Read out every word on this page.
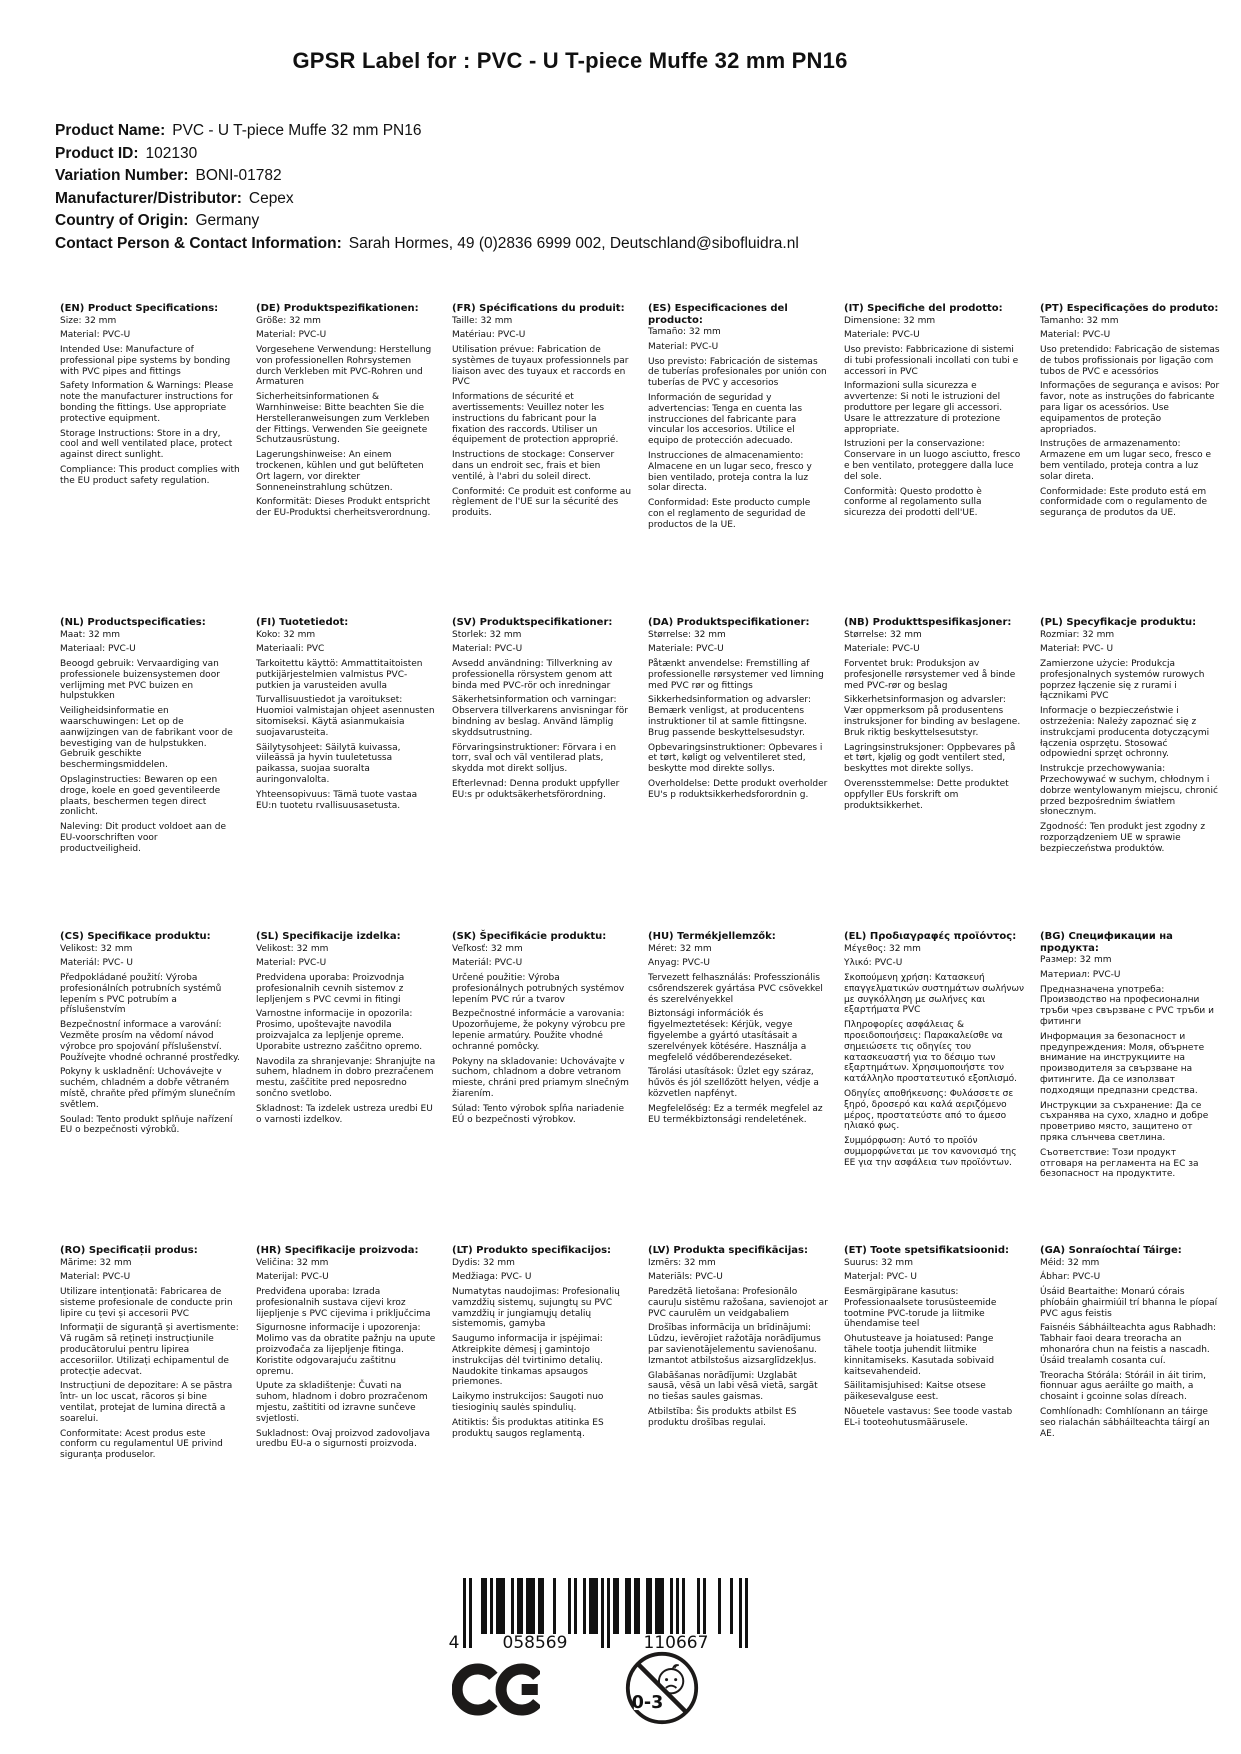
GPSR Label for : PVC - U T-piece Muffe 32 mm PN16
Product Name: PVC - U T-piece Muffe 32 mm PN16
Product ID: 102130
Variation Number: BONI-01782
Manufacturer/Distributor: Cepex
Country of Origin: Germany
Contact Person & Contact Information: Sarah Hormes, 49 (0)2836 6999 002, Deutschland@sibofluidra.nl
(EN) Product Specifications:

Size: 32 mm

Material: PVC-U

Intended Use: Manufacture of professional pipe systems by bonding with PVC pipes and fittings

Safety Information & Warnings: Please note the manufacturer instructions for bonding the fittings. Use appropriate protective equipment.

Storage Instructions: Store in a dry, cool and well ventilated place, protect against direct sunlight.

Compliance: This product complies with the EU product safety regulation.

(DE) Produktspezifikationen:

Größe: 32 mm

Material: PVC-U

Vorgesehene Verwendung: Herstellung von professionellen Rohrsystemen durch Verkleben mit PVC-Rohren und Armaturen

Sicherheitsinformationen & Warnhinweise: Bitte beachten Sie die Herstelleranweisungen zum Verkleben der Fittings. Verwenden Sie geeignete Schutzausrüstung.

Lagerungshinweise: An einem trockenen, kühlen und gut belüfteten Ort lagern, vor direkter Sonneneinstrahlung schützen.

Konformität: Dieses Produkt entspricht der EU-Produktsi cherheitsverordnung.

(FR) Spécifications du produit:

Taille: 32 mm

Matériau: PVC-U

Utilisation prévue: Fabrication de systèmes de tuyaux professionnels par liaison avec des tuyaux et raccords en PVC

Informations de sécurité et avertissements: Veuillez noter les instructions du fabricant pour la fixation des raccords. Utiliser un équipement de protection approprié.

Instructions de stockage: Conserver dans un endroit sec, frais et bien ventilé, à l'abri du soleil direct.

Conformité: Ce produit est conforme au règlement de l'UE sur la sécurité des produits.

(ES) Especificaciones del producto:

Tamaño: 32 mm

Material: PVC-U

Uso previsto: Fabricación de sistemas de tuberías profesionales por unión con tuberías de PVC y accesorios

Información de seguridad y advertencias: Tenga en cuenta las instrucciones del fabricante para vincular los accesorios. Utilice el equipo de protección adecuado.

Instrucciones de almacenamiento: Almacene en un lugar seco, fresco y bien ventilado, proteja contra la luz solar directa.

Conformidad: Este producto cumple con el reglamento de seguridad de productos de la UE.

(IT) Specifiche del prodotto:

Dimensione: 32 mm

Materiale: PVC-U

Uso previsto: Fabbricazione di sistemi di tubi professionali incollati con tubi e accessori in PVC

Informazioni sulla sicurezza e avvertenze: Si noti le istruzioni del produttore per legare gli accessori. Usare le attrezzature di protezione appropriate.

Istruzioni per la conservazione: Conservare in un luogo asciutto, fresco e ben ventilato, proteggere dalla luce del sole.

Conformità: Questo prodotto è conforme al regolamento sulla sicurezza dei prodotti dell'UE.

(PT) Especificações do produto:

Tamanho: 32 mm

Material: PVC-U

Uso pretendido: Fabricação de sistemas de tubos profissionais por ligação com tubos de PVC e acessórios

Informações de segurança e avisos: Por favor, note as instruções do fabricante para ligar os acessórios. Use equipamentos de proteção apropriados.

Instruções de armazenamento: Armazene em um lugar seco, fresco e bem ventilado, proteja contra a luz solar direta.

Conformidade: Este produto está em conformidade com o regulamento de segurança de produtos da UE.

(NL) Productspecificaties:

Maat: 32 mm

Materiaal: PVC-U

Beoogd gebruik: Vervaardiging van professionele buizensystemen door verlijming met PVC buizen en hulpstukken

Veiligheidsinformatie en waarschuwingen: Let op de aanwijzingen van de fabrikant voor de bevestiging van de hulpstukken. Gebruik geschikte beschermingsmiddelen.

Opslaginstructies: Bewaren op een droge, koele en goed geventileerde plaats, beschermen tegen direct zonlicht.

Naleving: Dit product voldoet aan de EU-voorschriften voor productveiligheid.

(FI) Tuotetiedot:

Koko: 32 mm

Materiaali: PVC

Tarkoitettu käyttö: Ammattitaitoisten putkijärjestelmien valmistus PVC-putkien ja varusteiden avulla

Turvallisuustiedot ja varoitukset: Huomioi valmistajan ohjeet asennusten sitomiseksi. Käytä asianmukaisia suojavarusteita.

Säilytysohjeet: Säilytä kuivassa, viileässä ja hyvin tuuletetussa paikassa, suojaa suoralta auringonvalolta.

Yhteensopivuus: Tämä tuote vastaa EU:n tuotetu rvallisuusasetusta.

(SV) Produktspecifikationer:

Storlek: 32 mm

Material: PVC-U

Avsedd användning: Tillverkning av professionella rörsystem genom att binda med PVC-rör och inredningar

Säkerhetsinformation och varningar: Observera tillverkarens anvisningar för bindning av beslag. Använd lämplig skyddsutrustning.

Förvaringsinstruktioner: Förvara i en torr, sval och väl ventilerad plats, skydda mot direkt solljus.

Efterlevnad: Denna produkt uppfyller EU:s pr oduktsäkerhetsförordning.

(DA) Produktspecifikationer:

Størrelse: 32 mm

Materiale: PVC-U

Påtænkt anvendelse: Fremstilling af professionelle rørsystemer ved limning med PVC rør og fittings

Sikkerhedsinformation og advarsler: Bemærk venligst, at producentens instruktioner til at samle fittingsne. Brug passende beskyttelsesudstyr.

Opbevaringsinstruktioner: Opbevares i et tørt, køligt og velventileret sted, beskytte mod direkte sollys.

Overholdelse: Dette produkt overholder EU's p roduktsikkerhedsforordnin g.

(NB) Produkttspesifikasjoner:

Størrelse: 32 mm

Materiale: PVC-U

Forventet bruk: Produksjon av profesjonelle rørsystemer ved å binde med PVC-rør og beslag

Sikkerhetsinformasjon og advarsler: Vær oppmerksom på produsentens instruksjoner for binding av beslagene. Bruk riktig beskyttelsesutstyr.

Lagringsinstruksjoner: Oppbevares på et tørt, kjølig og godt ventilert sted, beskyttes mot direkte sollys.

Overensstemmelse: Dette produktet oppfyller EUs forskrift om produktsikkerhet.

(PL) Specyfikacje produktu:

Rozmiar: 32 mm

Materiał: PVC- U

Zamierzone użycie: Produkcja profesjonalnych systemów rurowych poprzez łączenie się z rurami i łącznikami PVC

Informacje o bezpieczeństwie i ostrzeżenia: Należy zapoznać się z instrukcjami producenta dotyczącymi łączenia osprzętu. Stosować odpowiedni sprzęt ochronny.

Instrukcje przechowywania: Przechowywać w suchym, chłodnym i dobrze wentylowanym miejscu, chronić przed bezpośrednim światłem słonecznym.

Zgodność: Ten produkt jest zgodny z rozporządzeniem UE w sprawie bezpieczeństwa produktów.

(CS) Specifikace produktu:

Velikost: 32 mm

Materiál: PVC- U

Předpokládané použití: Výroba profesionálních potrubních systémů lepením s PVC potrubím a příslušenstvím

Bezpečnostní informace a varování: Vezměte prosím na vědomí návod výrobce pro spojování příslušenství. Používejte vhodné ochranné prostředky.

Pokyny k uskladnění: Uchovávejte v suchém, chladném a dobře větraném místě, chraňte před přímým slunečním světlem.

Soulad: Tento produkt splňuje nařízení EU o bezpečnosti výrobků.

(SL) Specifikacije izdelka:

Velikost: 32 mm

Material: PVC-U

Predvidena uporaba: Proizvodnja profesionalnih cevnih sistemov z lepljenjem s PVC cevmi in fitingi

Varnostne informacije in opozorila: Prosimo, upoštevajte navodila proizvajalca za lepljenje opreme. Uporabite ustrezno zaščitno opremo.

Navodila za shranjevanje: Shranjujte na suhem, hladnem in dobro prezračenem mestu, zaščitite pred neposredno sončno svetlobo.

Skladnost: Ta izdelek ustreza uredbi EU o varnosti izdelkov.

(SK) Špecifikácie produktu:

Veľkosť: 32 mm

Materiál: PVC-U

Určené použitie: Výroba profesionálnych potrubných systémov lepením PVC rúr a tvarov

Bezpečnostné informácie a varovania: Upozorňujeme, že pokyny výrobcu pre lepenie armatúry. Použite vhodné ochranné pomôcky.

Pokyny na skladovanie: Uchovávajte v suchom, chladnom a dobre vetranom mieste, chráni pred priamym slnečným žiarením.

Súlad: Tento výrobok spĺňa nariadenie EÚ o bezpečnosti výrobkov.

(HU) Termékjellemzők:

Méret: 32 mm

Anyag: PVC-U

Tervezett felhasználás: Professzionális csőrendszerek gyártása PVC csövekkel és szerelvényekkel

Biztonsági információk és figyelmeztetések: Kérjük, vegye figyelembe a gyártó utasításait a szerelvények kötésére. Használja a megfelelő védőberendezéseket.

Tárolási utasítások: Üzlet egy száraz, hűvös és jól szellőzött helyen, védje a közvetlen napfényt.

Megfelelőség: Ez a termék megfelel az EU termékbiztonsági rendeletének.

(EL) Προδιαγραφές προϊόντος:

Μέγεθος: 32 mm

Υλικό: PVC-U

Σκοπούμενη χρήση: Κατασκευή επαγγελματικών συστημάτων σωλήνων με συγκόλληση με σωλήνες και εξαρτήματα PVC

Πληροφορίες ασφάλειας & προειδοποιήσεις: Παρακαλείσθε να σημειώσετε τις οδηγίες του κατασκευαστή για το δέσιμο των εξαρτημάτων. Χρησιμοποιήστε τον κατάλληλο προστατευτικό εξοπλισμό.

Οδηγίες αποθήκευσης: Φυλάσσετε σε ξηρό, δροσερό και καλά αεριζόμενο μέρος, προστατεύστε από το άμεσο ηλιακό φως.

Συμμόρφωση: Αυτό το προϊόν συμμορφώνεται με τον κανονισμό της ΕΕ για την ασφάλεια των προϊόντων.

(BG) Спецификации на продукта:

Размер: 32 mm

Материал: PVC-U

Предназначена употреба: Производство на професионални тръби чрез свързване с PVC тръби и фитинги

Информация за безопасност и предупреждения: Моля, обърнете внимание на инструкциите на производителя за свързване на фитингите. Да се използват подходящи предпазни средства.

Инструкции за съхранение: Да се съхранява на сухо, хладно и добре проветриво място, защитено от пряка слънчева светлина.

Съответствие: Този продукт отговаря на регламента на ЕС за безопасност на продуктите.

(RO) Specificații produs:

Mărime: 32 mm

Material: PVC-U

Utilizare intenționată: Fabricarea de sisteme profesionale de conducte prin lipire cu țevi și accesorii PVC

Informații de siguranță și avertismente: Vă rugăm să rețineți instrucțiunile producătorului pentru lipirea accesoriilor. Utilizați echipamentul de protecție adecvat.

Instrucțiuni de depozitare: A se păstra într- un loc uscat, răcoros și bine ventilat, protejat de lumina directă a soarelui.

Conformitate: Acest produs este conform cu regulamentul UE privind siguranța produselor.

(HR) Specifikacije proizvoda:

Veličina: 32 mm

Materijal: PVC-U

Predviđena uporaba: Izrada profesionalnih sustava cijevi kroz lijepljenje s PVC cijevima i priključcima

Sigurnosne informacije i upozorenja: Molimo vas da obratite pažnju na upute proizvođača za lijepljenje fitinga. Koristite odgovarajuću zaštitnu opremu.

Upute za skladištenje: Čuvati na suhom, hladnom i dobro prozračenom mjestu, zaštititi od izravne sunčeve svjetlosti.

Sukladnost: Ovaj proizvod zadovoljava uredbu EU-a o sigurnosti proizvoda.

(LT) Produkto specifikacijos:

Dydis: 32 mm

Medžiaga: PVC- U

Numatytas naudojimas: Profesionalių vamzdžių sistemų, sujungtų su PVC vamzdžių ir jungiamųjų detalių sistemomis, gamyba

Saugumo informacija ir įspėjimai: Atkreipkite dėmesį į gamintojo instrukcijas dėl tvirtinimo detalių. Naudokite tinkamas apsaugos priemones.

Laikymo instrukcijos: Saugoti nuo tiesioginių saulės spindulių.

Atitiktis: Šis produktas atitinka ES produktų saugos reglamentą.

(LV) Produkta specifikācijas:

Izmērs: 32 mm

Materiāls: PVC-U

Paredzētā lietošana: Profesionālo cauruļu sistēmu ražošana, savienojot ar PVC caurulēm un veidgabaliem

Drošības informācija un brīdinājumi: Lūdzu, ievērojiet ražotāja norādījumus par savienotājelementu savienošanu. Izmantot atbilstošus aizsarglīdzekļus.

Glabāšanas norādījumi: Uzglabāt sausā, vēsā un labi vēsā vietā, sargāt no tiešas saules gaismas.

Atbilstība: Šis produkts atbilst ES produktu drošības regulai.

(ET) Toote spetsifikatsioonid:

Suurus: 32 mm

Materjal: PVC- U

Eesmärgipärane kasutus: Professionaalsete torusüsteemide tootmine PVC-torude ja liitmike ühendamise teel

Ohutusteave ja hoiatused: Pange tähele tootja juhendit liitmike kinnitamiseks. Kasutada sobivaid kaitsevahendeid.

Säilitamisjuhised: Kaitse otsese päikesevalguse eest.

Nõuetele vastavus: See toode vastab EL-i tooteohutusmäärusele.

(GA) Sonraíochtaí Táirge:

Méid: 32 mm

Ábhar: PVC-U

Úsáid Beartaithe: Monarú córais phíobáin ghairmiúil trí bhanna le píopaí PVC agus feistis

Faisnéis Sábháilteachta agus Rabhadh: Tabhair faoi deara treoracha an mhonaróra chun na feistis a nascadh. Úsáid trealamh cosanta cuí.

Treoracha Stórála: Stóráil in áit tirim, fionnuar agus aeráilte go maith, a chosaint i gcoinne solas díreach.

Comhlíonadh: Comhlíonann an táirge seo rialachán sábháilteachta táirgí an AE.

4	058569	110667
0-3
